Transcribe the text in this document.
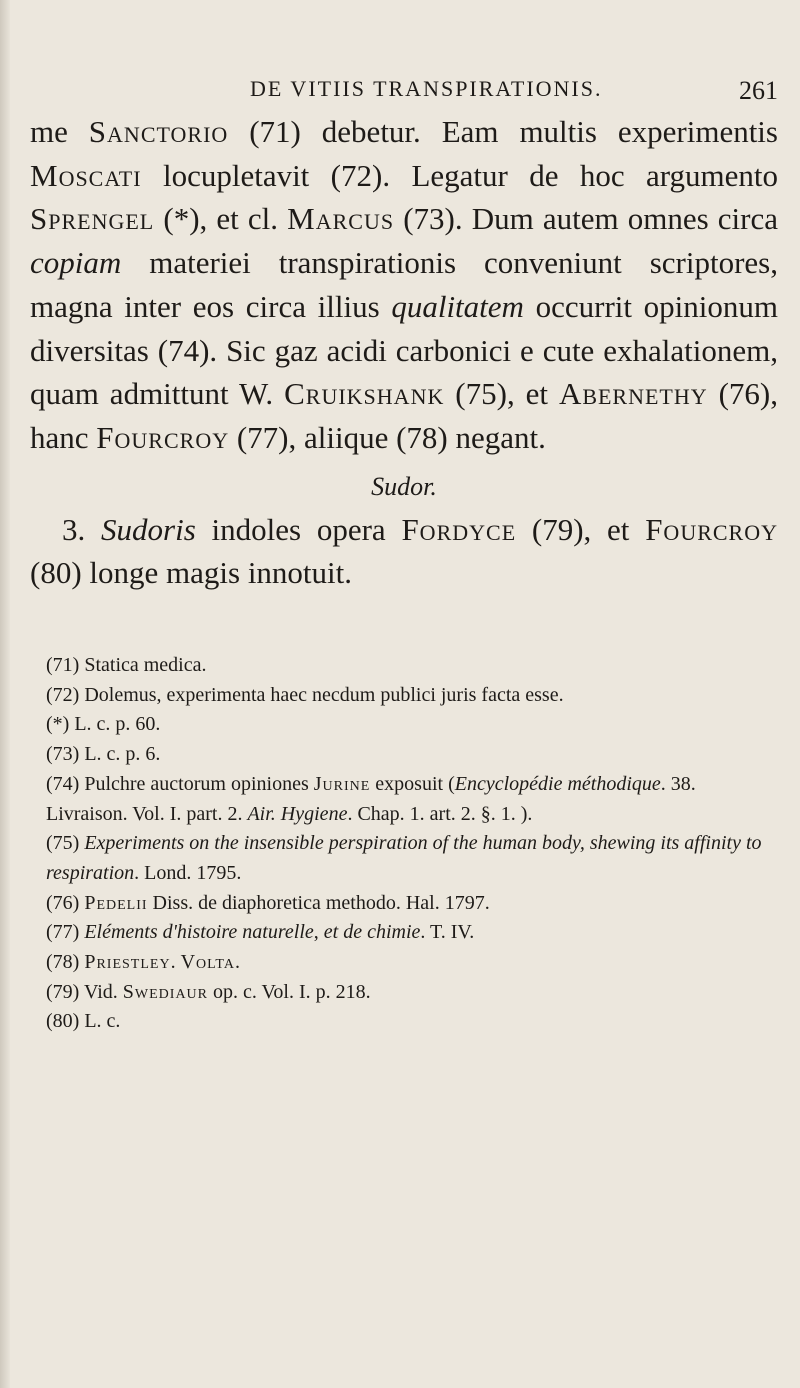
DE VITIIS TRANSPIRATIONIS.	261

me Sanctorio (71) debetur. Eam multis experimentis Moscati locupletavit (72). Legatur de hoc argumento Sprengel (*), et cl. Marcus (73). Dum autem omnes circa copiam materiei transpirationis conveniunt scriptores, magna inter eos circa illius qualitatem occurrit opinionum diversitas (74). Sic gaz acidi carbonici e cute exhalationem, quam admittunt W. Cruikshank (75), et Abernethy (76), hanc Fourcroy (77), aliique (78) negant.

Sudor.

3. Sudoris indoles opera Fordyce (79), et Fourcroy (80) longe magis innotuit.

(71) Statica medica.
(72) Dolemus, experimenta haec necdum publici juris facta esse.
(*) L. c. p. 60.
(73) L. c. p. 6.
(74) Pulchre auctorum opiniones Jurine exposuit (Encyclopédie méthodique. 38. Livraison. Vol. I. part. 2. Air. Hygiene. Chap. 1. art. 2. §. 1. ).
(75) Experiments on the insensible perspiration of the human body, shewing its affinity to respiration. Lond. 1795.
(76) Pedelii Diss. de diaphoretica methodo. Hal. 1797.
(77) Eléments d'histoire naturelle, et de chimie. T. IV.
(78) Priestley. Volta.
(79) Vid. Swediaur op. c. Vol. I. p. 218.
(80) L. c.
